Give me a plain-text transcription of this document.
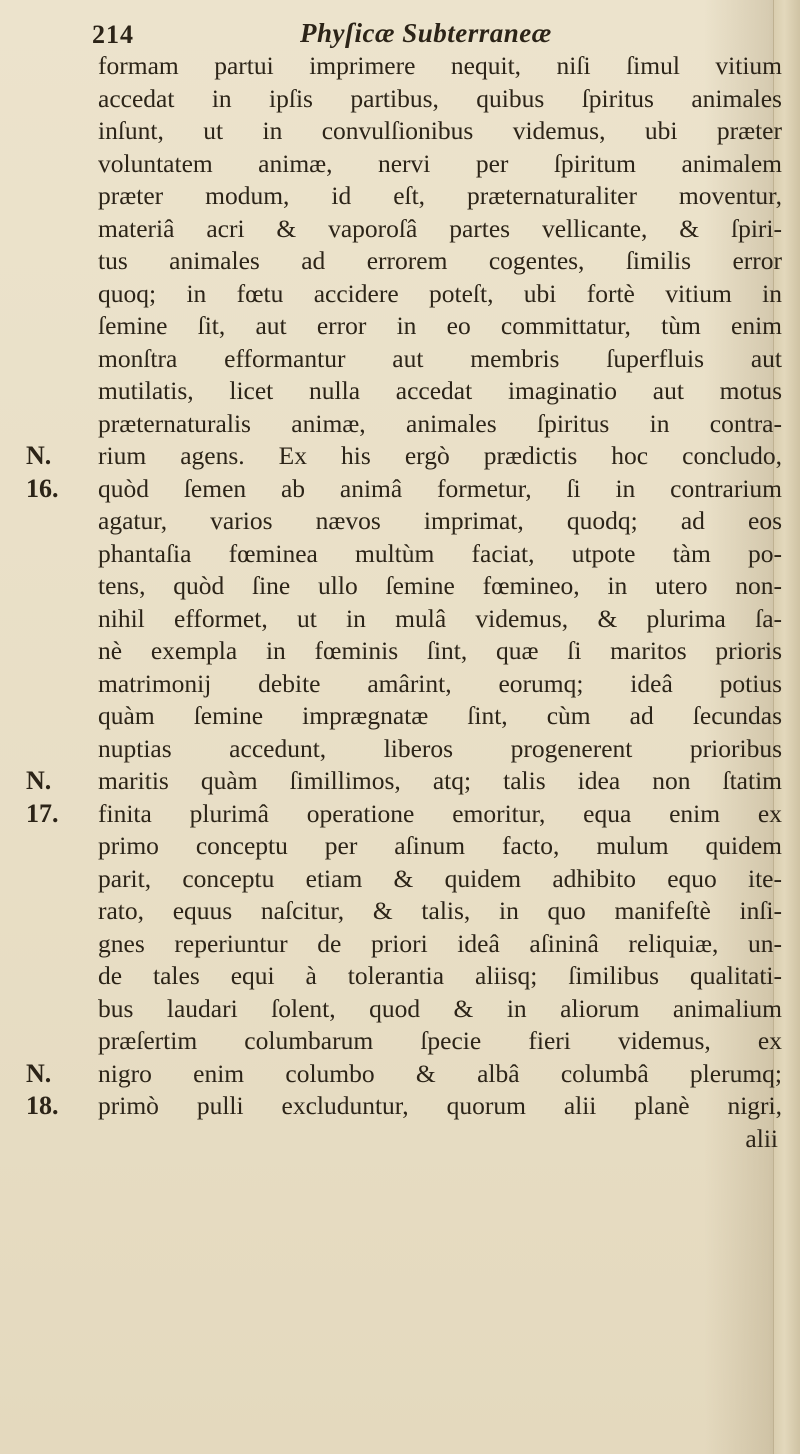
214	Phyſicæ Subterraneæ
N.
16.
N.
17.
N.
18.
formam partui imprimere nequit, niſi ſimul vitium
accedat in ipſis partibus, quibus ſpiritus animales
inſunt, ut in convulſionibus videmus, ubi præter
voluntatem animæ, nervi per ſpiritum animalem
præter modum, id eſt, præternaturaliter moventur,
materiâ acri & vaporoſâ partes vellicante, & ſpiri-
tus animales ad errorem cogentes, ſimilis error
quoq; in fœtu accidere poteſt, ubi fortè vitium in
ſemine ſit, aut error in eo committatur, tùm enim
monſtra efformantur aut membris ſuperfluis aut
mutilatis, licet nulla accedat imaginatio aut motus
præternaturalis animæ, animales ſpiritus in contra-
rium agens. Ex his ergò prædictis hoc concludo,
quòd ſemen ab animâ formetur, ſi in contrarium
agatur, varios nævos imprimat, quodq; ad eos
phantaſia fœminea multùm faciat, utpote tàm po-
tens, quòd ſine ullo ſemine fœmineo, in utero non-
nihil efformet, ut in mulâ videmus, & plurima ſa-
nè exempla in fœminis ſint, quæ ſi maritos prioris
matrimonij debite amârint, eorumq; ideâ potius
quàm ſemine impr​ægnatæ ſint, cùm ad ſecundas
nuptias accedunt, liberos progenerent prioribus
maritis quàm ſimillimos, atq; talis idea non ſtatim
finita plurimâ operatione emoritur, equa enim ex
primo conceptu per aſinum facto, mulum quidem
parit, conceptu etiam & quidem adhibito equo ite-
rato, equus naſcitur, & talis, in quo manifeſtè inſi-
gnes reperiuntur de priori ideâ aſininâ reliquiæ, un-
de tales equi à tolerantia aliisq; ſimilibus qualitati-
bus laudari ſolent, quod & in aliorum animalium
præſertim columbarum ſpecie fieri videmus, ex
nigro enim columbo & albâ columbâ plerumq;
primò pulli excluduntur, quorum alii planè nigri,
alii
